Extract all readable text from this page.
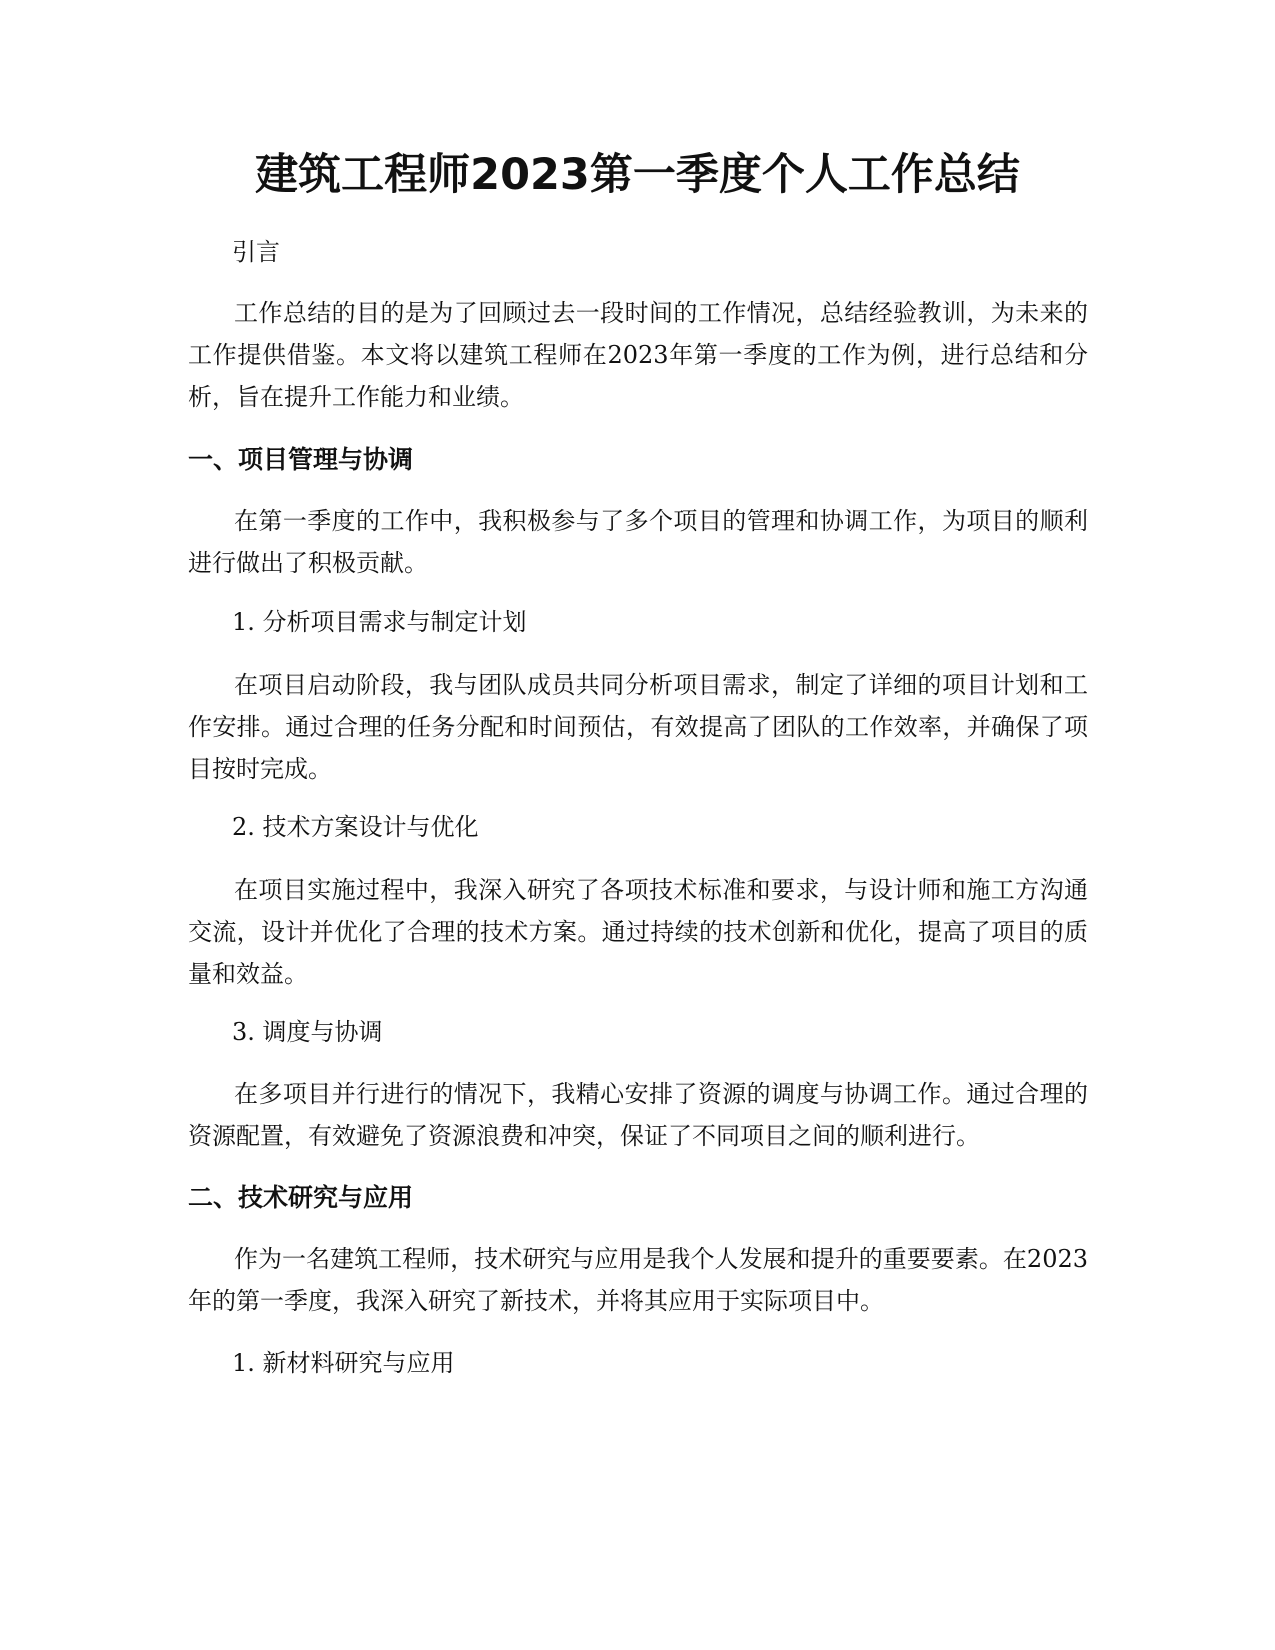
建筑工程师2023第一季度个人工作总结

引言

工作总结的目的是为了回顾过去一段时间的工作情况，总结经验教训，为未来的工作提供借鉴。本文将以建筑工程师在2023年第一季度的工作为例，进行总结和分析，旨在提升工作能力和业绩。

一、项目管理与协调

在第一季度的工作中，我积极参与了多个项目的管理和协调工作，为项目的顺利进行做出了积极贡献。

1. 分析项目需求与制定计划

在项目启动阶段，我与团队成员共同分析项目需求，制定了详细的项目计划和工作安排。通过合理的任务分配和时间预估，有效提高了团队的工作效率，并确保了项目按时完成。

2. 技术方案设计与优化

在项目实施过程中，我深入研究了各项技术标准和要求，与设计师和施工方沟通交流，设计并优化了合理的技术方案。通过持续的技术创新和优化，提高了项目的质量和效益。

3. 调度与协调

在多项目并行进行的情况下，我精心安排了资源的调度与协调工作。通过合理的资源配置，有效避免了资源浪费和冲突，保证了不同项目之间的顺利进行。

二、技术研究与应用

作为一名建筑工程师，技术研究与应用是我个人发展和提升的重要要素。在2023年的第一季度，我深入研究了新技术，并将其应用于实际项目中。

1. 新材料研究与应用
